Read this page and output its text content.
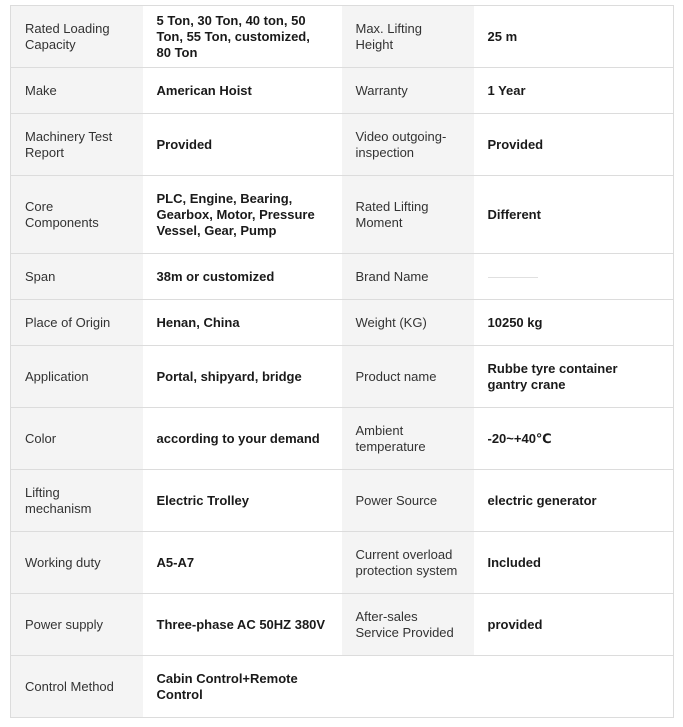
Rated Loading Capacity	5 Ton, 30 Ton, 40 ton, 50 Ton, 55 Ton, customized, 80 Ton	Max. Lifting Height	25 m
Make	American Hoist	Warranty	1 Year
Machinery Test Report	Provided	Video outgoing-inspection	Provided
Core Components	PLC, Engine, Bearing, Gearbox, Motor, Pressure Vessel, Gear, Pump	Rated Lifting Moment	Different
Span	38m or customized	Brand Name	
Place of Origin	Henan, China	Weight (KG)	10250 kg
Application	Portal, shipyard, bridge	Product name	Rubbe tyre container gantry crane
Color	according to your demand	Ambient temperature	-20~+40℃
Lifting mechanism	Electric Trolley	Power Source	electric generator
Working duty	A5-A7	Current overload protection system	Included
Power supply	Three-phase AC 50HZ 380V	After-sales Service Provided	provided
Control Method	Cabin Control+Remote Control		
